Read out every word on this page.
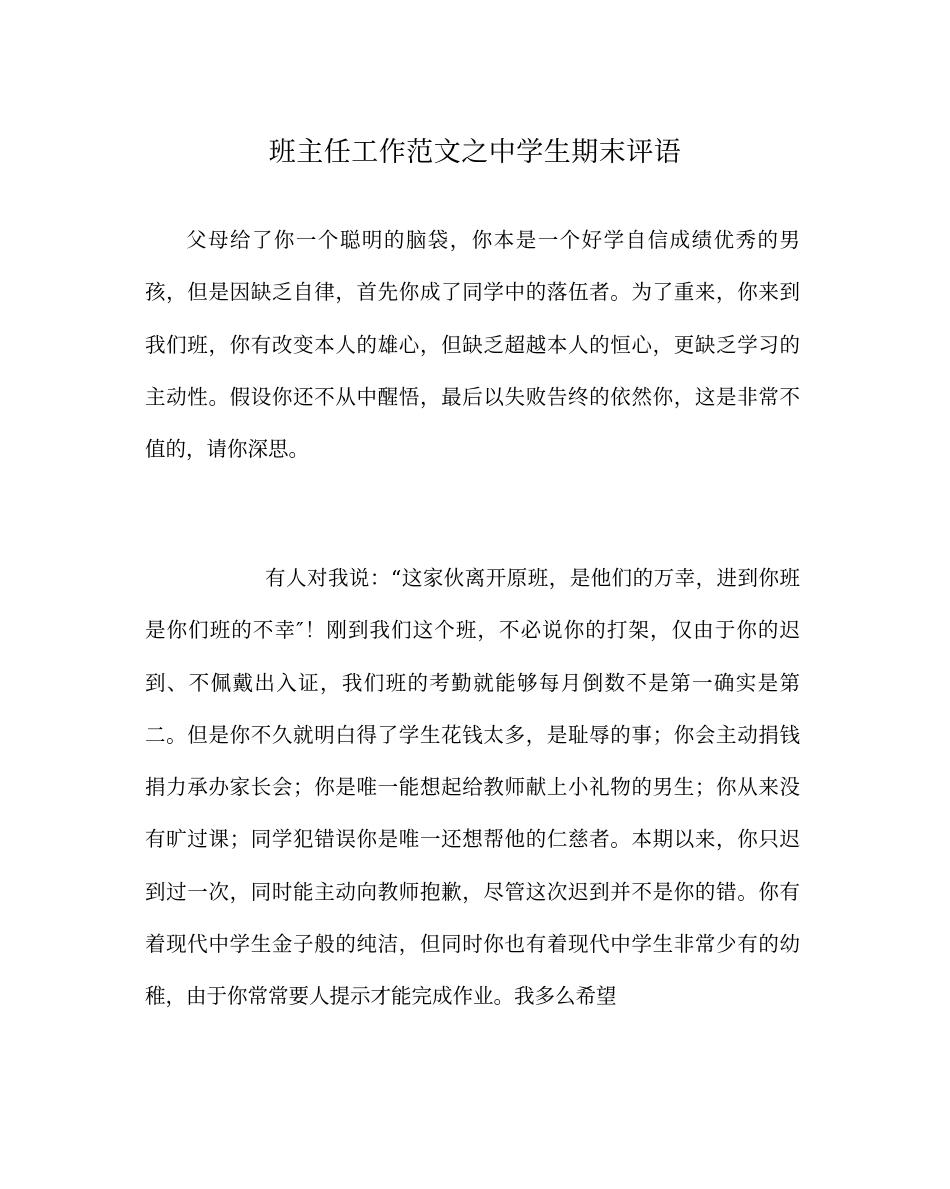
班主任工作范文之中学生期末评语

父母给了你一个聪明的脑袋，你本是一个好学自信成绩优秀的男孩，但是因缺乏自律，首先你成了同学中的落伍者。为了重来，你来到我们班，你有改变本人的雄心，但缺乏超越本人的恒心，更缺乏学习的主动性。假设你还不从中醒悟，最后以失败告终的依然你，这是非常不值的，请你深思。

有人对我说：“这家伙离开原班，是他们的万幸，进到你班是你们班的不幸″！刚到我们这个班，不必说你的打架，仅由于你的迟到、不佩戴出入证，我们班的考勤就能够每月倒数不是第一确实是第二。但是你不久就明白得了学生花钱太多，是耻辱的事；你会主动捐钱捐力承办家长会；你是唯一能想起给教师献上小礼物的男生；你从来没有旷过课；同学犯错误你是唯一还想帮他的仁慈者。本期以来，你只迟到过一次，同时能主动向教师抱歉，尽管这次迟到并不是你的错。你有着现代中学生金子般的纯洁，但同时你也有着现代中学生非常少有的幼稚，由于你常常要人提示才能完成作业。我多么希望
